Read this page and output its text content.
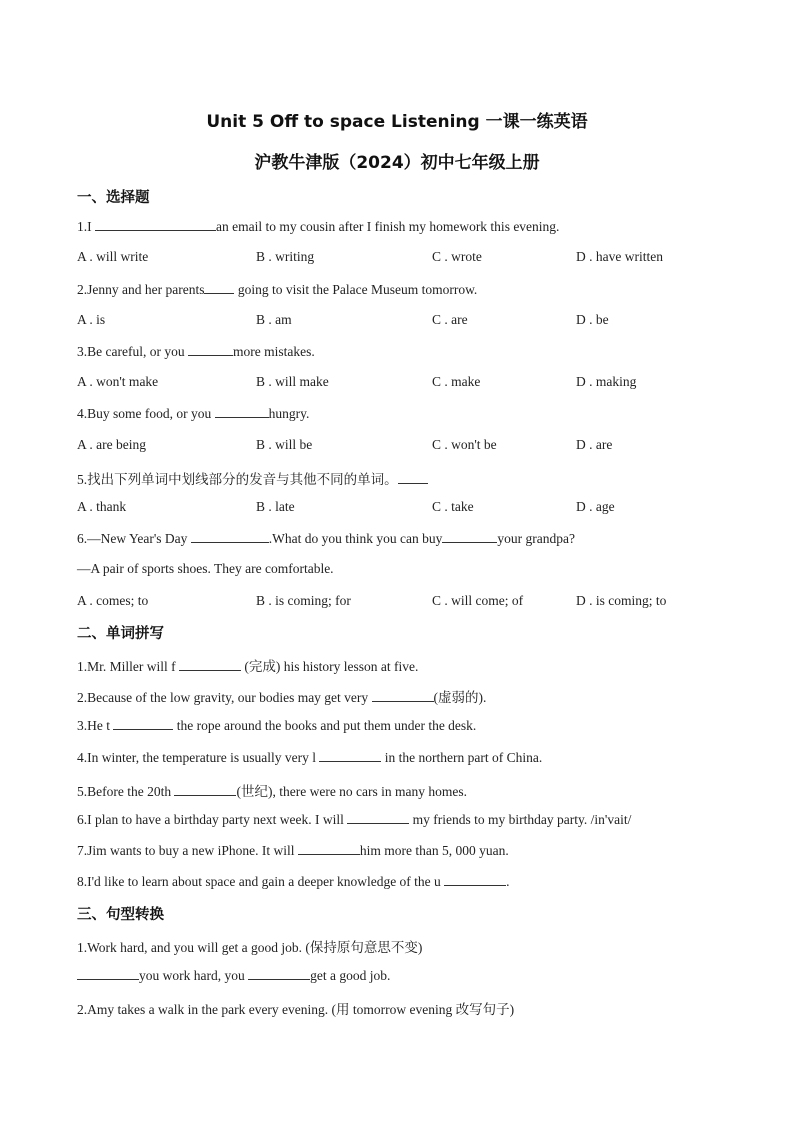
Unit 5 Off to space Listening 一课一练英语
沪教牛津版（2024）初中七年级上册
一、选择题
1.I	an email to my cousin after I finish my homework this evening.
A . will write	B . writing	C . wrote	D . have written
2.Jenny and her parents going to visit the Palace Museum tomorrow.
A . is	B . am	C . are	D . be
3.Be careful, or you	more mistakes.
A . won't make	B . will make	C . make	D . making
4.Buy some food, or you	hungry.
A . are being	B . will be	C . won't be	D . are
5.找出下列单词中划线部分的发音与其他不同的单词。
A . thank	B . late	C . take	D . age
6.—New Year's Day	.What do you think you can buy	your grandpa?
—A pair of sports shoes. They are comfortable.
A . comes; to	B . is coming; for	C . will come; of	D . is coming; to
二、单词拼写
1.Mr. Miller will f	(完成) his history lesson at five.
2.Because of the low gravity, our bodies may get very	(虚弱的).
3.He t	the rope around the books and put them under the desk.
4.In winter, the temperature is usually very l	in the northern part of China.
5.Before the 20th	(世纪), there were no cars in many homes.
6.I plan to have a birthday party next week. I will	my friends to my birthday party. /in'vait/
7.Jim wants to buy a new iPhone. It will	him more than 5, 000 yuan.
8.I'd like to learn about space and gain a deeper knowledge of the u	.
三、句型转换
1.Work hard, and you will get a good job. (保持原句意思不变)
you work hard, you	get a good job.
2.Amy takes a walk in the park every evening. (用 tomorrow evening 改写句子)
